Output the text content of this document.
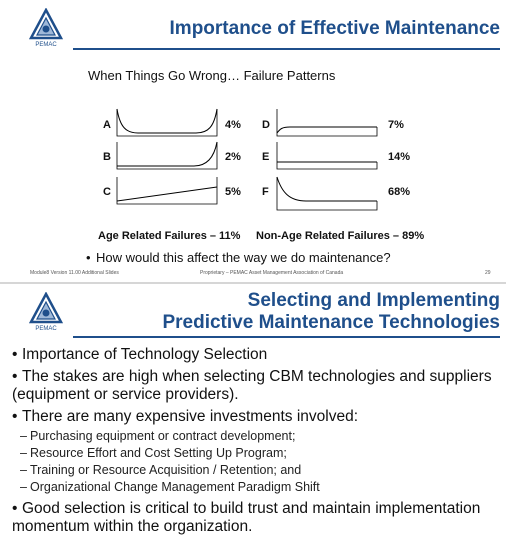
PEMAC
Importance of Effective Maintenance
When Things Go Wrong… Failure Patterns
A
B
C
D
E
F
4%
2%
5%
7%
14%
68%
Age Related Failures – 11% Non-Age Related Failures – 89%
• How would this affect the way we do maintenance?
Module8 Version 11.00 Additional Slides	Proprietary – PEMAC Asset Management Association of Canada	29
PEMAC
Selecting and Implementing
Predictive Maintenance Technologies
• Importance of Technology Selection
• The stakes are high when selecting CBM technologies and suppliers (equipment or service providers).
• There are many expensive investments involved:
– Purchasing equipment or contract development;
– Resource Effort and Cost Setting Up Program;
– Training or Resource Acquisition / Retention; and
– Organizational Change Management Paradigm Shift
• Good selection is critical to build trust and maintain implementation momentum within the organization.
